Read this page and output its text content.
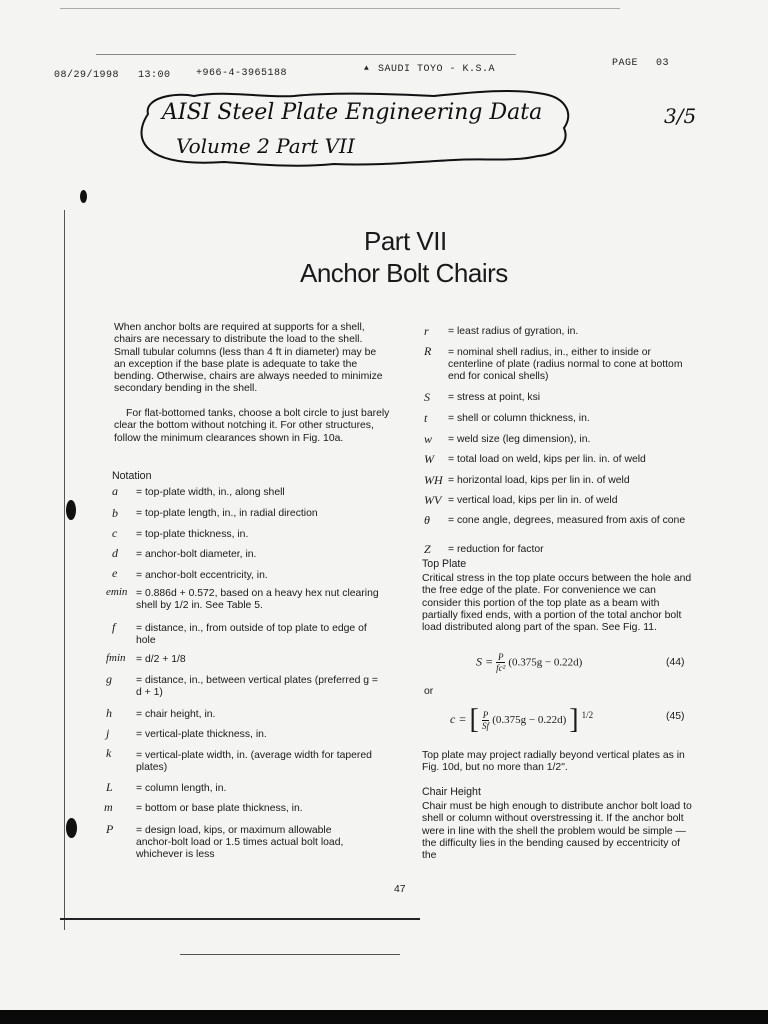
08/29/1998 13:00	+966-4-3965188	▲ SAUDI TOYO - K.S.A
PAGE 03
AISI Steel Plate Engineering Data
Volume 2 Part VII
3/5
Part VII
Anchor Bolt Chairs
When anchor bolts are required at supports for a shell, chairs are necessary to distribute the load to the shell. Small tubular columns (less than 4 ft in diameter) may be an exception if the base plate is adequate to take the bending. Otherwise, chairs are always needed to minimize secondary bending in the shell.
For flat-bottomed tanks, choose a bolt circle to just barely clear the bottom without notching it. For other structures, follow the minimum clearances shown in Fig. 10a.
Notation
a = top-plate width, in., along shell
b = top-plate length, in., in radial direction
c = top-plate thickness, in.
d = anchor-bolt diameter, in.
e = anchor-bolt eccentricity, in.
emin = 0.886d + 0.572, based on a heavy hex nut clearing shell by 1/2 in. See Table 5.
f = distance, in., from outside of top plate to edge of hole
fmin = d/2 + 1/8
g = distance, in., between vertical plates (preferred g = d + 1)
h = chair height, in.
j	= vertical-plate thickness, in.
k = vertical-plate width, in. (average width for tapered plates)
L = column length, in.
m = bottom or base plate thickness, in.
P = design load, kips, or maximum allowable anchor-bolt load or 1.5 times actual bolt load, whichever is less
r = least radius of gyration, in.
R = nominal shell radius, in., either to inside or centerline of plate (radius normal to cone at bottom end for conical shells)
S = stress at point, ksi
t = shell or column thickness, in.
w = weld size (leg dimension), in.
W = total load on weld, kips per lin. in. of weld
WH = horizontal load, kips per lin in. of weld
WV = vertical load, kips per lin in. of weld
θ = cone angle, degrees, measured from axis of cone
Z = reduction for factor
Top Plate
Critical stress in the top plate occurs between the hole and the free edge of the plate. For convenience we can consider this portion of the top plate as a beam with partially fixed ends, with a portion of the total anchor bolt load distributed along part of the span. See Fig. 11.
$S = \frac{P}{\text{fc²}} (0.375g - 0.22d)$	(44)
or
c = [ $\frac{P}{Sf} (0.375g - 0.22d)$ ] $^{1/2}$	(45)
Top plate may project radially beyond vertical plates as in Fig. 10d, but no more than 1/2".
Chair Height
Chair must be high enough to distribute anchor bolt load to shell or column without overstressing it. If the anchor bolt were in line with the shell the problem would be simple — the difficulty lies in the bending caused by eccentricity of the
47
